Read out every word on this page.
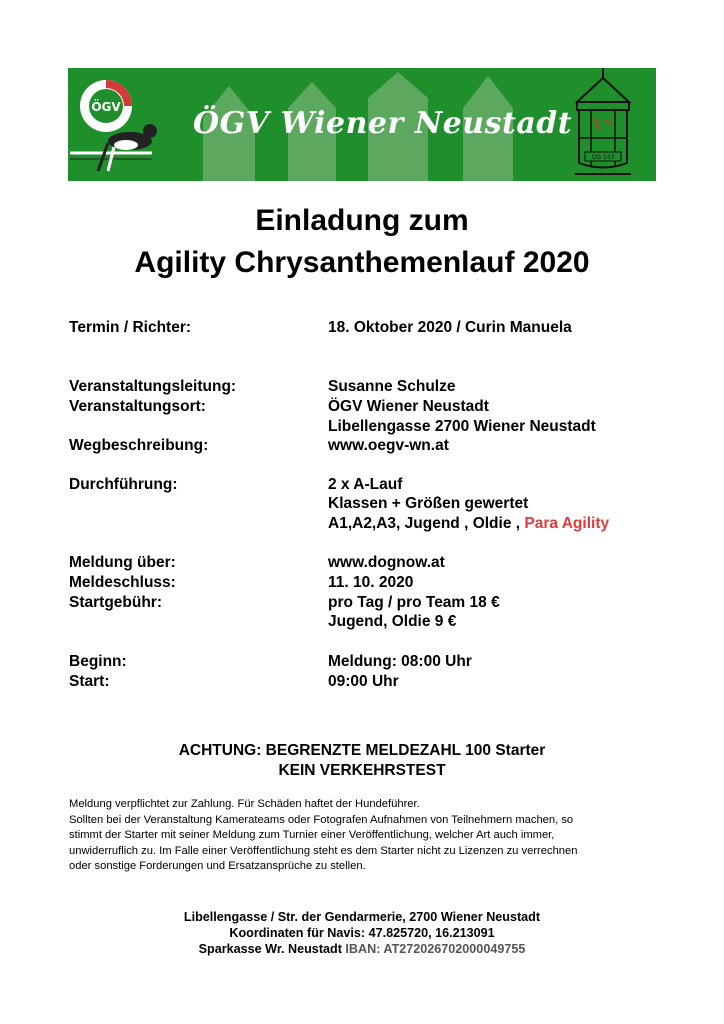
ÖGV ÖGV Wiener Neustadt
OG 143
Einladung zum
Agility Chrysanthemenlauf 2020
Termin / Richter:	18. Oktober 2020 / Curin Manuela
Veranstaltungsleitung:	Susanne Schulze
Veranstaltungsort:	ÖGV Wiener Neustadt
Libellengasse 2700 Wiener Neustadt
Wegbeschreibung:	www.oegv-wn.at
Durchführung:	2 x A-Lauf
Klassen + Größen gewertet
A1,A2,A3, Jugend , Oldie , Para Agility
Meldung über:	www.dognow.at
Meldeschluss:	11. 10. 2020
Startgebühr:	pro Tag / pro Team 18 €
Jugend, Oldie 9 €
Beginn:	Meldung: 08:00 Uhr
Start:	09:00 Uhr
ACHTUNG: BEGRENZTE MELDEZAHL 100 Starter
KEIN VERKEHRSTEST
Meldung verpflichtet zur Zahlung. Für Schäden haftet der Hundeführer.
Sollten bei der Veranstaltung Kamerateams oder Fotografen Aufnahmen von Teilnehmern machen, so
stimmt der Starter mit seiner Meldung zum Turnier einer Veröffentlichung, welcher Art auch immer,
unwiderruflich zu. Im Falle einer Veröffentlichung steht es dem Starter nicht zu Lizenzen zu verrechnen
oder sonstige Forderungen und Ersatzansprüche zu stellen.
Libellengasse / Str. der Gendarmerie, 2700 Wiener Neustadt
Koordinaten für Navis: 47.825720, 16.213091
Sparkasse Wr. Neustadt IBAN: AT272026702000049755
